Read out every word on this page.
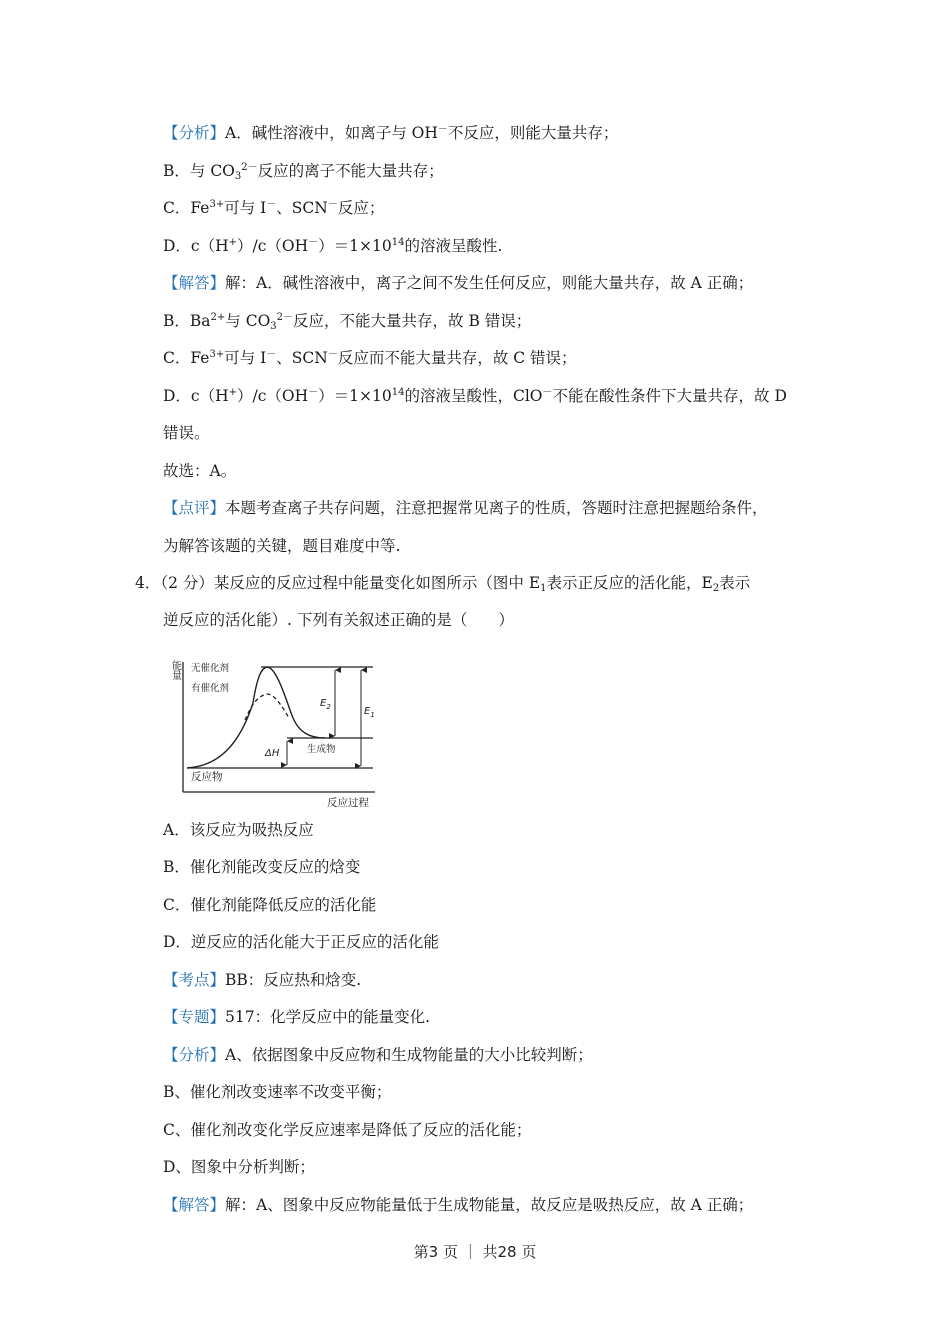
【分析】A．碱性溶液中，如离子与 OH－不反应，则能大量共存；
B．与 $CO_3^{2-}$反应的离子不能大量共存；
C．$Fe^{3+}$可与 I－、SCN－反应；
D．$c(H^+)/c(OH^-)=1\times 10^{14}$的溶液呈酸性.
【解答】解：A．碱性溶液中，离子之间不发生任何反应，则能大量共存，故 A 正确；
B．$Ba^{2+}$与 $CO_3^{2-}$反应，不能大量共存，故 B 错误；
C．$Fe^{3+}$可与 I－、SCN－反应而不能大量共存，故 C 错误；
D．$c(H^+)/c(OH^-)=1\times 10^{14}$的溶液呈酸性，ClO－不能在酸性条件下大量共存，故 D
错误。
故选：A。
【点评】本题考查离子共存问题，注意把握常见离子的性质，答题时注意把握题给条件，
为解答该题的关键，题目难度中等.
4．（2 分）某反应的反应过程中能量变化如图所示（图中 $E_1$表示正反应的活化能，$E_2$表示
逆反应的活化能）. 下列有关叙述正确的是（　　）
能量
反应过程
无催化剂
有催化剂
反应物
生成物
ΔH
$E_2$	$E_1$
A．该反应为吸热反应
B．催化剂能改变反应的焓变
C．催化剂能降低反应的活化能
D．逆反应的活化能大于正反应的活化能
【考点】BB：反应热和焓变.
【专题】517：化学反应中的能量变化.
【分析】A、依据图象中反应物和生成物能量的大小比较判断；
B、催化剂改变速率不改变平衡；
C、催化剂改变化学反应速率是降低了反应的活化能；
D、图象中分析判断；
【解答】解：A、图象中反应物能量低于生成物能量，故反应是吸热反应，故 A 正确；
第3 页 ｜ 共28 页
